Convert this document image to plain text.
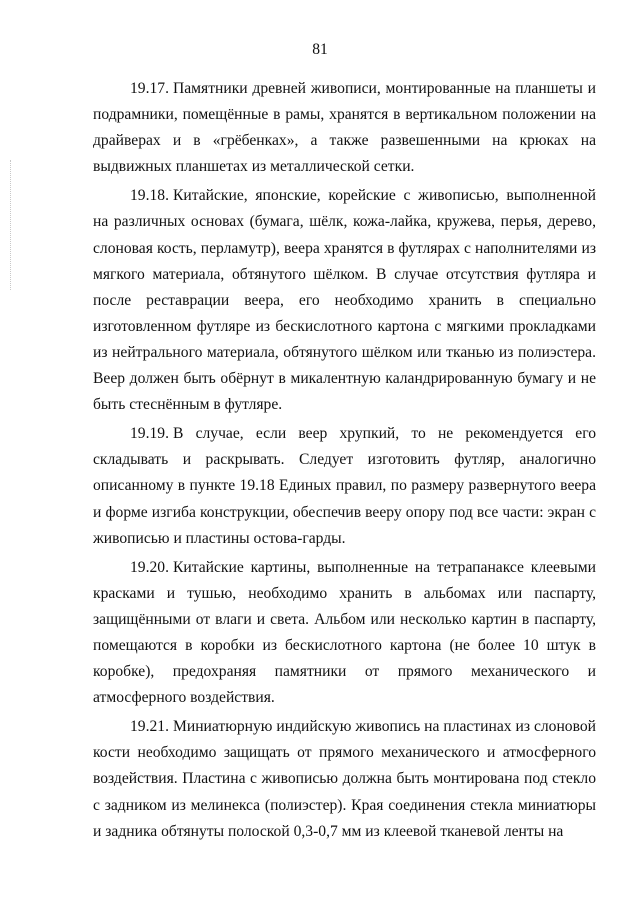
81

19.17. Памятники древней живописи, монтированные на планшеты и подрамники, помещённые в рамы, хранятся в вертикальном положении на драйверах и в «грёбенках», а также развешенными на крюках на выдвижных планшетах из металлической сетки.

19.18. Китайские, японские, корейские с живописью, выполненной на различных основах (бумага, шёлк, кожа-лайка, кружева, перья, дерево, слоновая кость, перламутр), веера хранятся в футлярах с наполнителями из мягкого материала, обтянутого шёлком. В случае отсутствия футляра и после реставрации веера, его необходимо хранить в специально изготовленном футляре из бескислотного картона с мягкими прокладками из нейтрального материала, обтянутого шёлком или тканью из полиэстера. Веер должен быть обёрнут в микалентную каландрированную бумагу и не быть стеснённым в футляре.

19.19. В случае, если веер хрупкий, то не рекомендуется его складывать и раскрывать. Следует изготовить футляр, аналогично описанному в пункте 19.18 Единых правил, по размеру развернутого веера и форме изгиба конструкции, обеспечив вееру опору под все части: экран с живописью и пластины остова-гарды.

19.20. Китайские картины, выполненные на тетрапанаксе клеевыми красками и тушью, необходимо хранить в альбомах или паспарту, защищёнными от влаги и света. Альбом или несколько картин в паспарту, помещаются в коробки из бескислотного картона (не более 10 штук в коробке), предохраняя памятники от прямого механического и атмосферного воздействия.

19.21. Миниатюрную индийскую живопись на пластинах из слоновой кости необходимо защищать от прямого механического и атмосферного воздействия. Пластина с живописью должна быть монтирована под стекло с задником из мелинекса (полиэстер). Края соединения стекла миниатюры и задника обтянуты полоской 0,3-0,7 мм из клеевой тканевой ленты на
